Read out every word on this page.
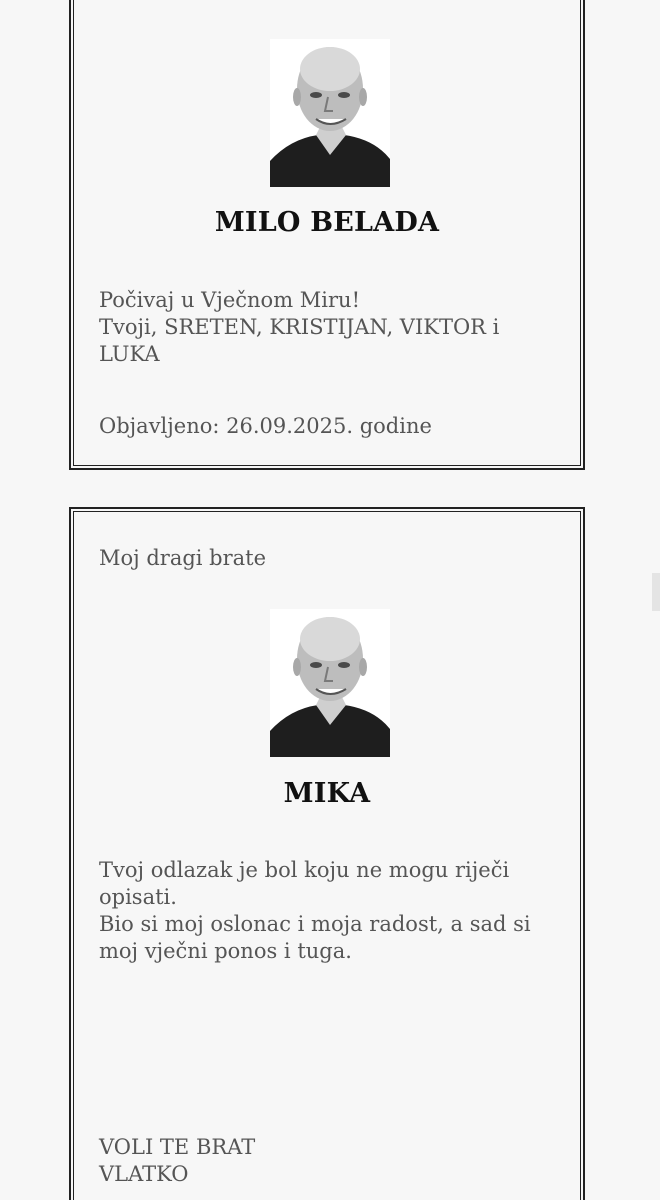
MILO BELADA
Počivaj u Vječnom Miru!
Tvoji, SRETEN, KRISTIJAN, VIKTOR i LUKA
Objavljeno: 26.09.2025. godine
Moj dragi brate
MIKA
Tvoj odlazak je bol koju ne mogu riječi
opisati.
Bio si moj oslonac i moja radost, a sad si
moj vječni ponos i tuga.
VOLI TE BRAT
VLATKO
